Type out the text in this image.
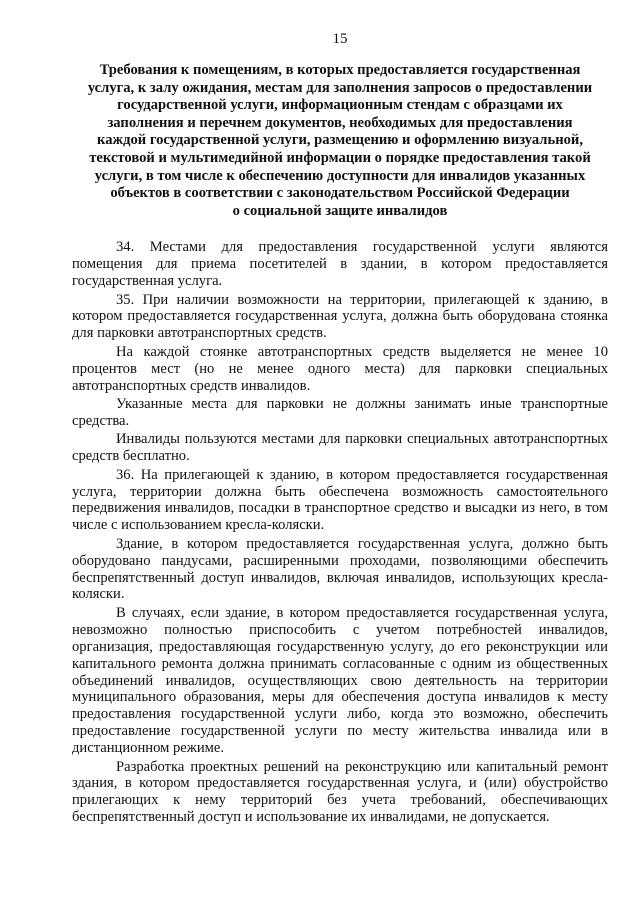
15
Требования к помещениям, в которых предоставляется государственная
услуга, к залу ожидания, местам для заполнения запросов о предоставлении
государственной услуги, информационным стендам с образцами их
заполнения и перечнем документов, необходимых для предоставления
каждой государственной услуги, размещению и оформлению визуальной,
текстовой и мультимедийной информации о порядке предоставления такой
услуги, в том числе к обеспечению доступности для инвалидов указанных
объектов в соответствии с законодательством Российской Федерации
о социальной защите инвалидов

34. Местами для предоставления государственной услуги являются помещения для приема посетителей в здании, в котором предоставляется государственная услуга.

35. При наличии возможности на территории, прилегающей к зданию, в котором предоставляется государственная услуга, должна быть оборудована стоянка для парковки автотранспортных средств.

На каждой стоянке автотранспортных средств выделяется не менее 10 процентов мест (но не менее одного места) для парковки специальных автотранспортных средств инвалидов.

Указанные места для парковки не должны занимать иные транспортные средства.

Инвалиды пользуются местами для парковки специальных автотранспортных средств бесплатно.

36. На прилегающей к зданию, в котором предоставляется государственная услуга, территории должна быть обеспечена возможность самостоятельного передвижения инвалидов, посадки в транспортное средство и высадки из него, в том числе с использованием кресла-коляски.

Здание, в котором предоставляется государственная услуга, должно быть оборудовано пандусами, расширенными проходами, позволяющими обеспечить беспрепятственный доступ инвалидов, включая инвалидов, использующих кресла-коляски.

В случаях, если здание, в котором предоставляется государственная услуга, невозможно полностью приспособить с учетом потребностей инвалидов, организация, предоставляющая государственную услугу, до его реконструкции или капитального ремонта должна принимать согласованные с одним из общественных объединений инвалидов, осуществляющих свою деятельность на территории муниципального образования, меры для обеспечения доступа инвалидов к месту предоставления государственной услуги либо, когда это возможно, обеспечить предоставление государственной услуги по месту жительства инвалида или в дистанционном режиме.

Разработка проектных решений на реконструкцию или капитальный ремонт здания, в котором предоставляется государственная услуга, и (или) обустройство прилегающих к нему территорий без учета требований, обеспечивающих беспрепятственный доступ и использование их инвалидами, не допускается.
